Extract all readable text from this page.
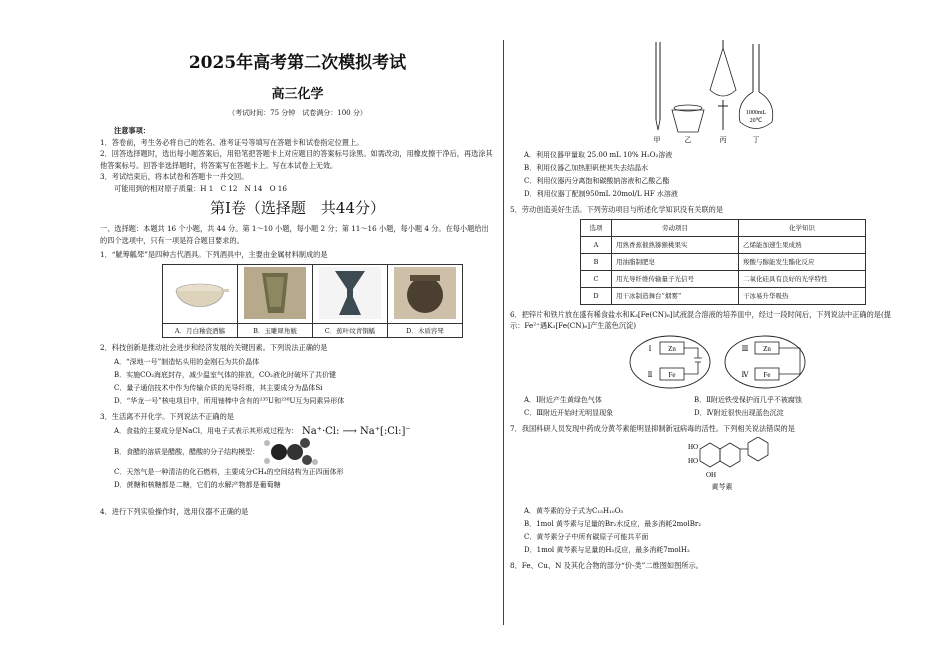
2025年高考第二次模拟考试
高三化学
（考试时间：75 分钟　试卷满分：100 分）

注意事项：

1．答卷前，考生务必将自己的姓名、准考证号等填写在答题卡和试卷指定位置上。

2．回答选择题时，选出每小题答案后，用铅笔把答题卡上对应题目的答案标号涂黑。如需改动，用橡皮擦干净后，再选涂其他答案标号。回答非选择题时，将答案写在答题卡上。写在本试卷上无效。

3．考试结束后，将本试卷和答题卡一并交回。

可能用到的相对原子质量：H 1　C 12　N 14　O 16

第Ⅰ卷（选择题　共44分）

一、选择题：本题共 16 个小题，共 44 分。第 1～10 小题，每小题 2 分；第 11～16 小题，每小题 4 分。在每小题给出的四个选项中，只有一项是符合题目要求的。

1．“觥筹觚斝”是四种古代酒具。下列酒具中，主要由金属材料制成的是

A．月白釉瓷酒觞	B．玉雕犀角觥	C．蕉叶纹青铜觚	D．木质容斝

2．科技创新是推动社会进步和经济发展的关键因素。下列说法正确的是

A．“深地一号”制造钻头用的金刚石为共价晶体
B．实施CO₂海底封存，减少温室气体的排放，CO₂液化时破坏了共价键
C．量子通信技术中作为传输介质的光导纤维，其主要成分为晶体Si
D．“华龙一号”核电项目中，所用铀棒中含有的²³⁵U和²³⁸U互为同素异形体

3．生活离不开化学。下列说法不正确的是

A．食盐的主要成分是NaCl，用电子式表示其形成过程为： Na⁺·Cl: ⟶ Na⁺[:Cl:]⁻
B．食醋的溶质是醋酸，醋酸的分子结构模型：
C．天然气是一种清洁的化石燃料，主要成分CH₄的空间结构为正四面体形
D．蔗糖和核糖都是二糖，它们的水解产物都是葡萄糖

4．进行下列实验操作时，选用仪器不正确的是

1000mL
20℃
甲	乙	丙	丁
A．利用仪器甲量取 25.00 mL 10% H₂O₂溶液
B．利用仪器乙加热胆矾使其失去结晶水
C．利用仪器丙分离饱和碳酸钠溶液和乙酸乙酯
D．利用仪器丁配制950mL 20mol/L HF 水溶液

5．劳动创造美好生活。下列劳动项目与所述化学知识没有关联的是

选项	劳动项目	化学知识
A	用熟香蕉催熟猕猴桃果实	乙烯能加速生果成熟
B	用油脂制肥皂	羧酸与醇能发生酯化反应
C	用光导纤维传输量子光信号	二氧化硅具有良好的光学特性
D	用干冰制造舞台“烟雾”	干冰易升华吸热

6．把锌片和铁片放在盛有稀食盐水和K₃[Fe(CN)₆]试液混合溶液的培养皿中，经过一段时间后，下列说法中正确的是(提示：Fe²⁺遇K₃[Fe(CN)₆]产生蓝色沉淀)

Zn
Fe
Ⅰ
Ⅱ
Zn
Fe
Ⅲ
Ⅳ
A．Ⅰ附近产生黄绿色气体	B．Ⅱ附近铁受保护而几乎不被腐蚀
C．Ⅲ附近开始时无明显现象	D．Ⅳ附近很快出现蓝色沉淀

7．我国科研人员发现中药成分黄芩素能明显抑制新冠病毒的活性。下列相关说法错误的是

HO
HO
OH
黄芩素
A．黄芩素的分子式为C₁₅H₁₀O₅
B．1mol 黄芩素与足量的Br₂水反应，最多消耗2molBr₂
C．黄芩素分子中所有碳原子可能共平面
D．1mol 黄芩素与足量的H₂反应，最多消耗7molH₂

8．Fe、Cu、N 及其化合物的部分“价-类”二维图如图所示。
